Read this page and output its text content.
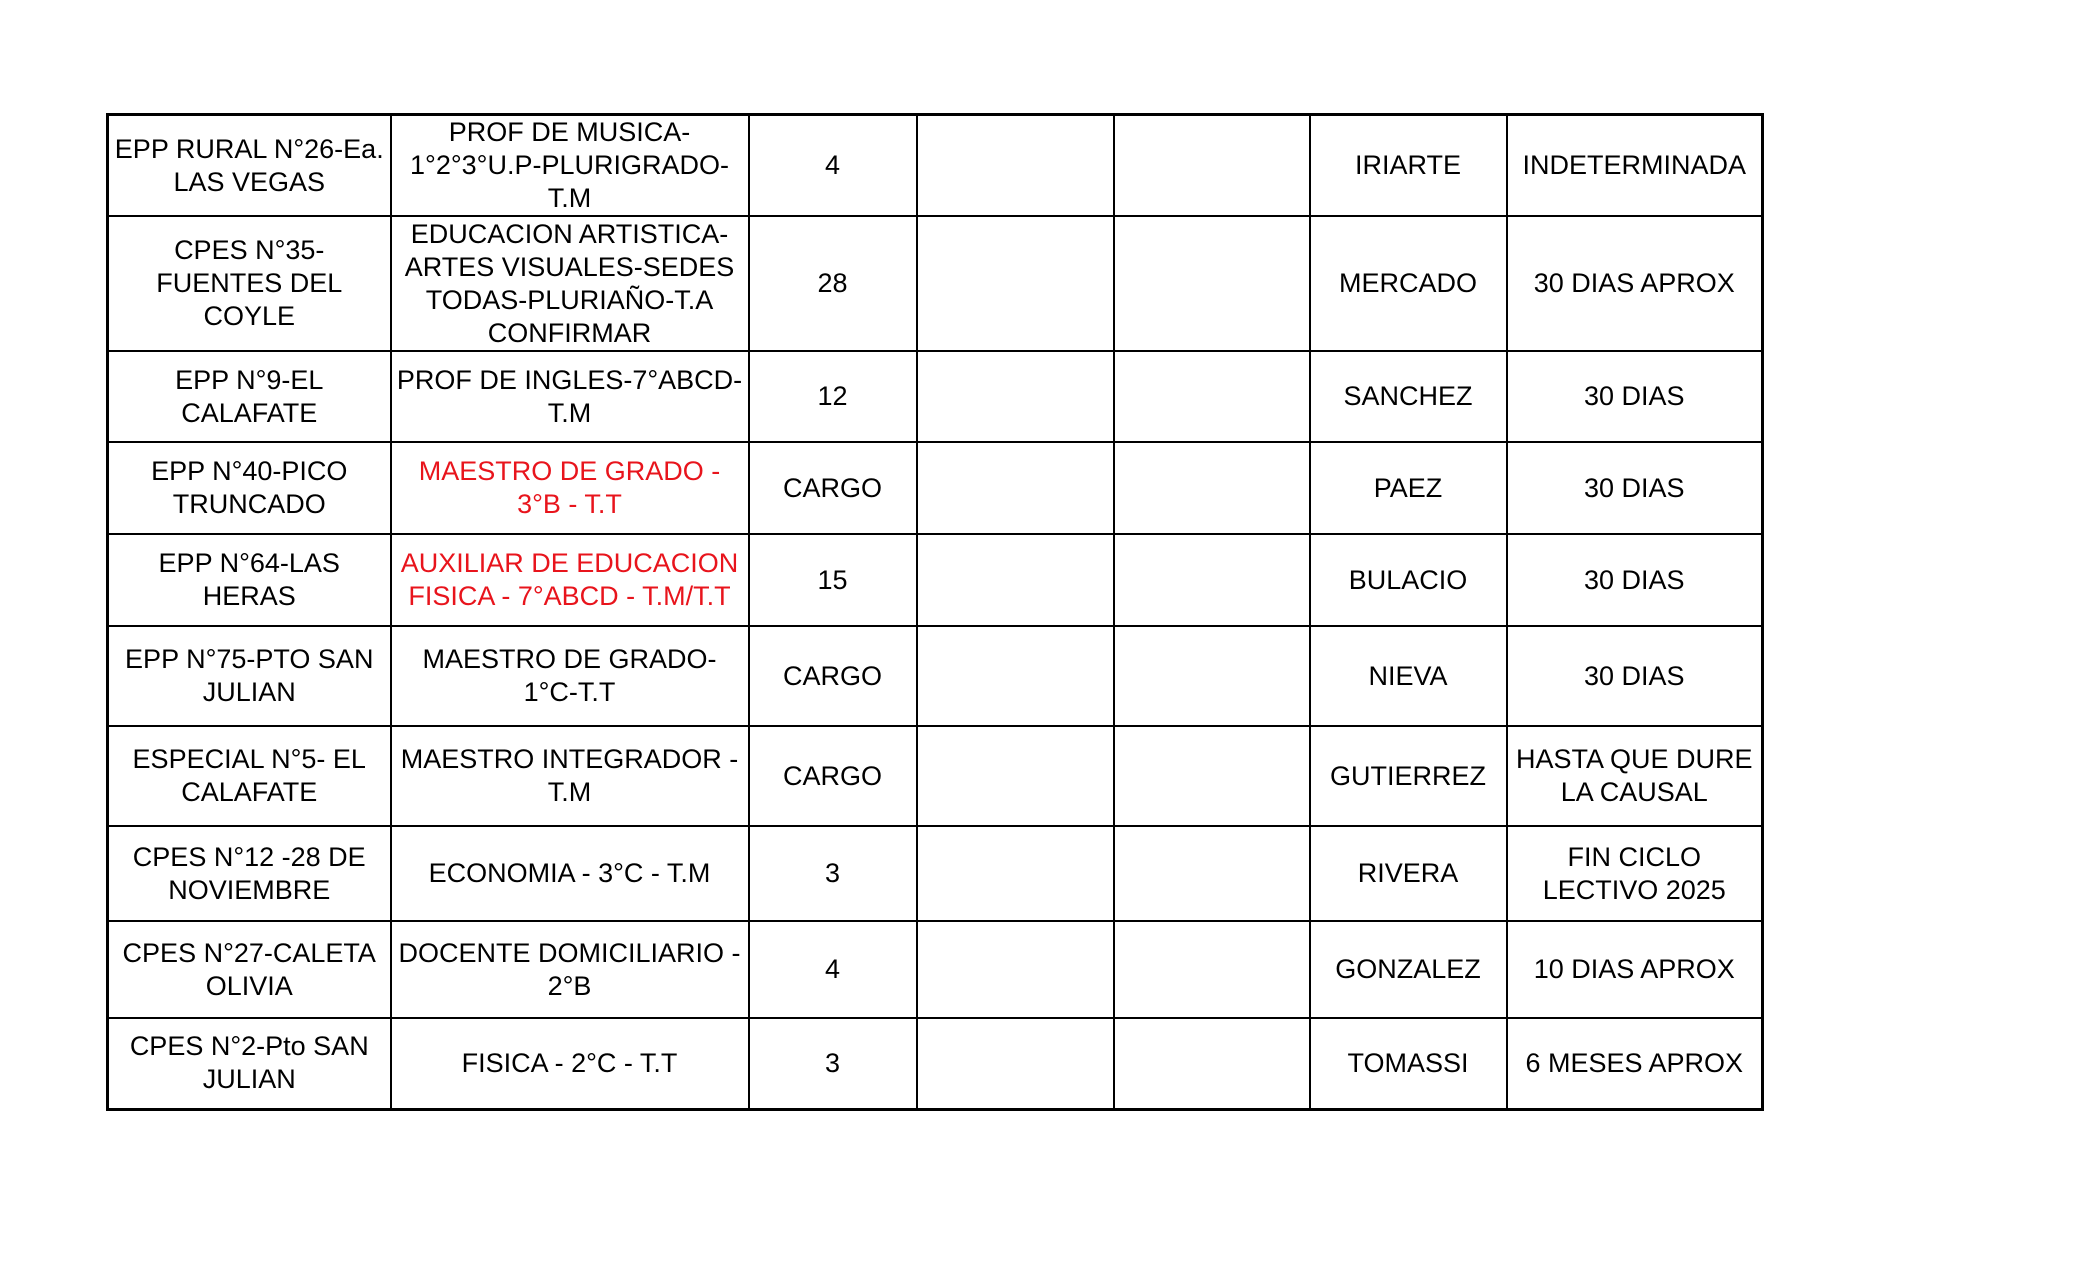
EPP RURAL N°26-Ea. LAS VEGAS	PROF DE MUSICA-1°2°3°U.P-PLURIGRADO-T.M	4			IRIARTE	INDETERMINADA
CPES N°35-FUENTES DEL COYLE	EDUCACION ARTISTICA-ARTES VISUALES-SEDES TODAS-PLURIAÑO-T.A CONFIRMAR	28			MERCADO	30 DIAS APROX
EPP N°9-EL CALAFATE	PROF DE INGLES-7°ABCD-T.M	12			SANCHEZ	30 DIAS
EPP N°40-PICO TRUNCADO	MAESTRO DE GRADO - 3°B - T.T	CARGO			PAEZ	30 DIAS
EPP N°64-LAS HERAS	AUXILIAR DE EDUCACION FISICA - 7°ABCD - T.M/T.T	15			BULACIO	30 DIAS
EPP N°75-PTO SAN JULIAN	MAESTRO DE GRADO-1°C-T.T	CARGO			NIEVA	30 DIAS
ESPECIAL N°5- EL CALAFATE	MAESTRO INTEGRADOR - T.M	CARGO			GUTIERREZ	HASTA QUE DURE LA CAUSAL
CPES N°12 -28 DE NOVIEMBRE	ECONOMIA - 3°C - T.M	3			RIVERA	FIN CICLO LECTIVO 2025
CPES N°27-CALETA OLIVIA	DOCENTE DOMICILIARIO - 2°B	4			GONZALEZ	10 DIAS APROX
CPES N°2-Pto SAN JULIAN	FISICA - 2°C - T.T	3			TOMASSI	6 MESES APROX
